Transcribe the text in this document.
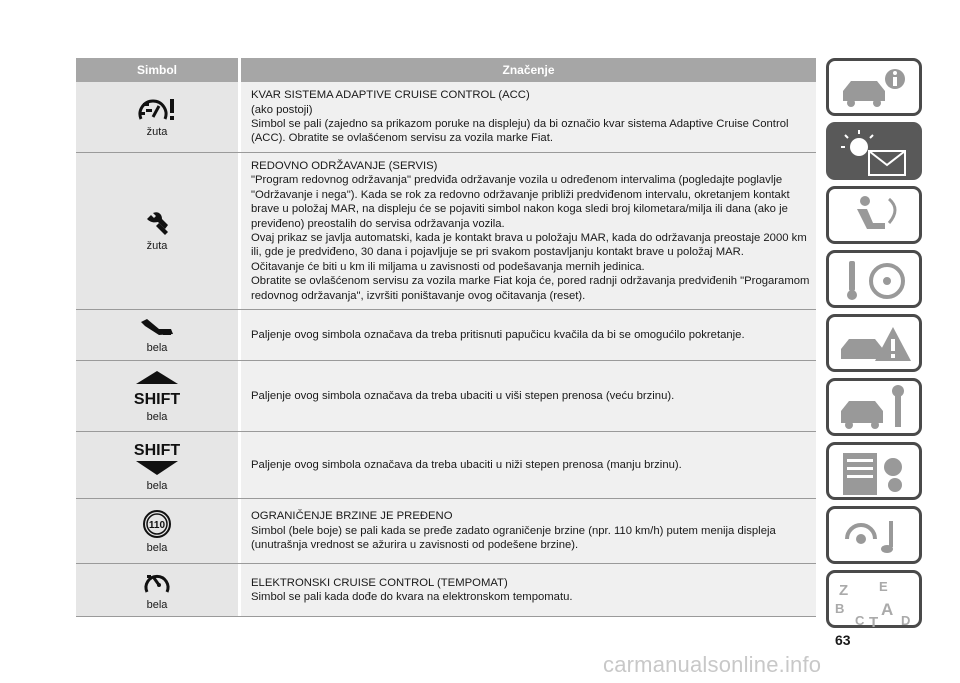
Simbol	Značenje
žuta
KVAR SISTEMA ADAPTIVE CRUISE CONTROL (ACC)
(ako postoji)
Simbol se pali (zajedno sa prikazom poruke na displeju) da bi označio kvar sistema Adaptive Cruise Control (ACC). Obratite se ovlašćenom servisu za vozila marke Fiat.
žuta
REDOVNO ODRŽAVANJE (SERVIS)
"Program redovnog održavanja" predviđa održavanje vozila u određenom intervalima (pogledajte poglavlje "Održavanje i nega"). Kada se rok za redovno održavanje približi predviđenom intervalu, okretanjem kontakt brave u položaj MAR, na displeju će se pojaviti simbol nakon koga sledi broj kilometara/milja ili dana (ako je previđeno) preostalih do servisa održavanja vozila.
Ovaj prikaz se javlja automatski, kada je kontakt brava u položaju MAR, kada do održavanja preostaje 2000 km ili, gde je predviđeno, 30 dana i pojavljuje se pri svakom postavljanju kontakt brave u položaj MAR.
Očitavanje će biti u km ili miljama u zavisnosti od podešavanja mernih jedinica.
Obratite se ovlašćenom servisu za vozila marke Fiat koja će, pored radnji održavanja predviđenih "Progaramom redovnog održavanja", izvršiti poništavanje ovog očitavanja (reset).
bela
Paljenje ovog simbola označava da treba pritisnuti papučicu kvačila da bi se omogućilo pokretanje.
SHIFT
bela
Paljenje ovog simbola označava da treba ubaciti u viši stepen prenosa (veću brzinu).
SHIFT
bela
Paljenje ovog simbola označava da treba ubaciti u niži stepen prenosa (manju brzinu).
110
bela
OGRANIČENJE BRZINE JE PREĐENO
Simbol (bele boje) se pali kada se pređe zadato ograničenje brzine (npr. 110 km/h) putem menija displeja (unutrašnja vrednost se ažurira u zavisnosti od podešene brzine).
bela
ELEKTRONSKI CRUISE CONTROL (TEMPOMAT)
Simbol se pali kada dođe do kvara na elektronskom tempomatu.	Z E
B A
C T D
63
carmanualsonline.info
